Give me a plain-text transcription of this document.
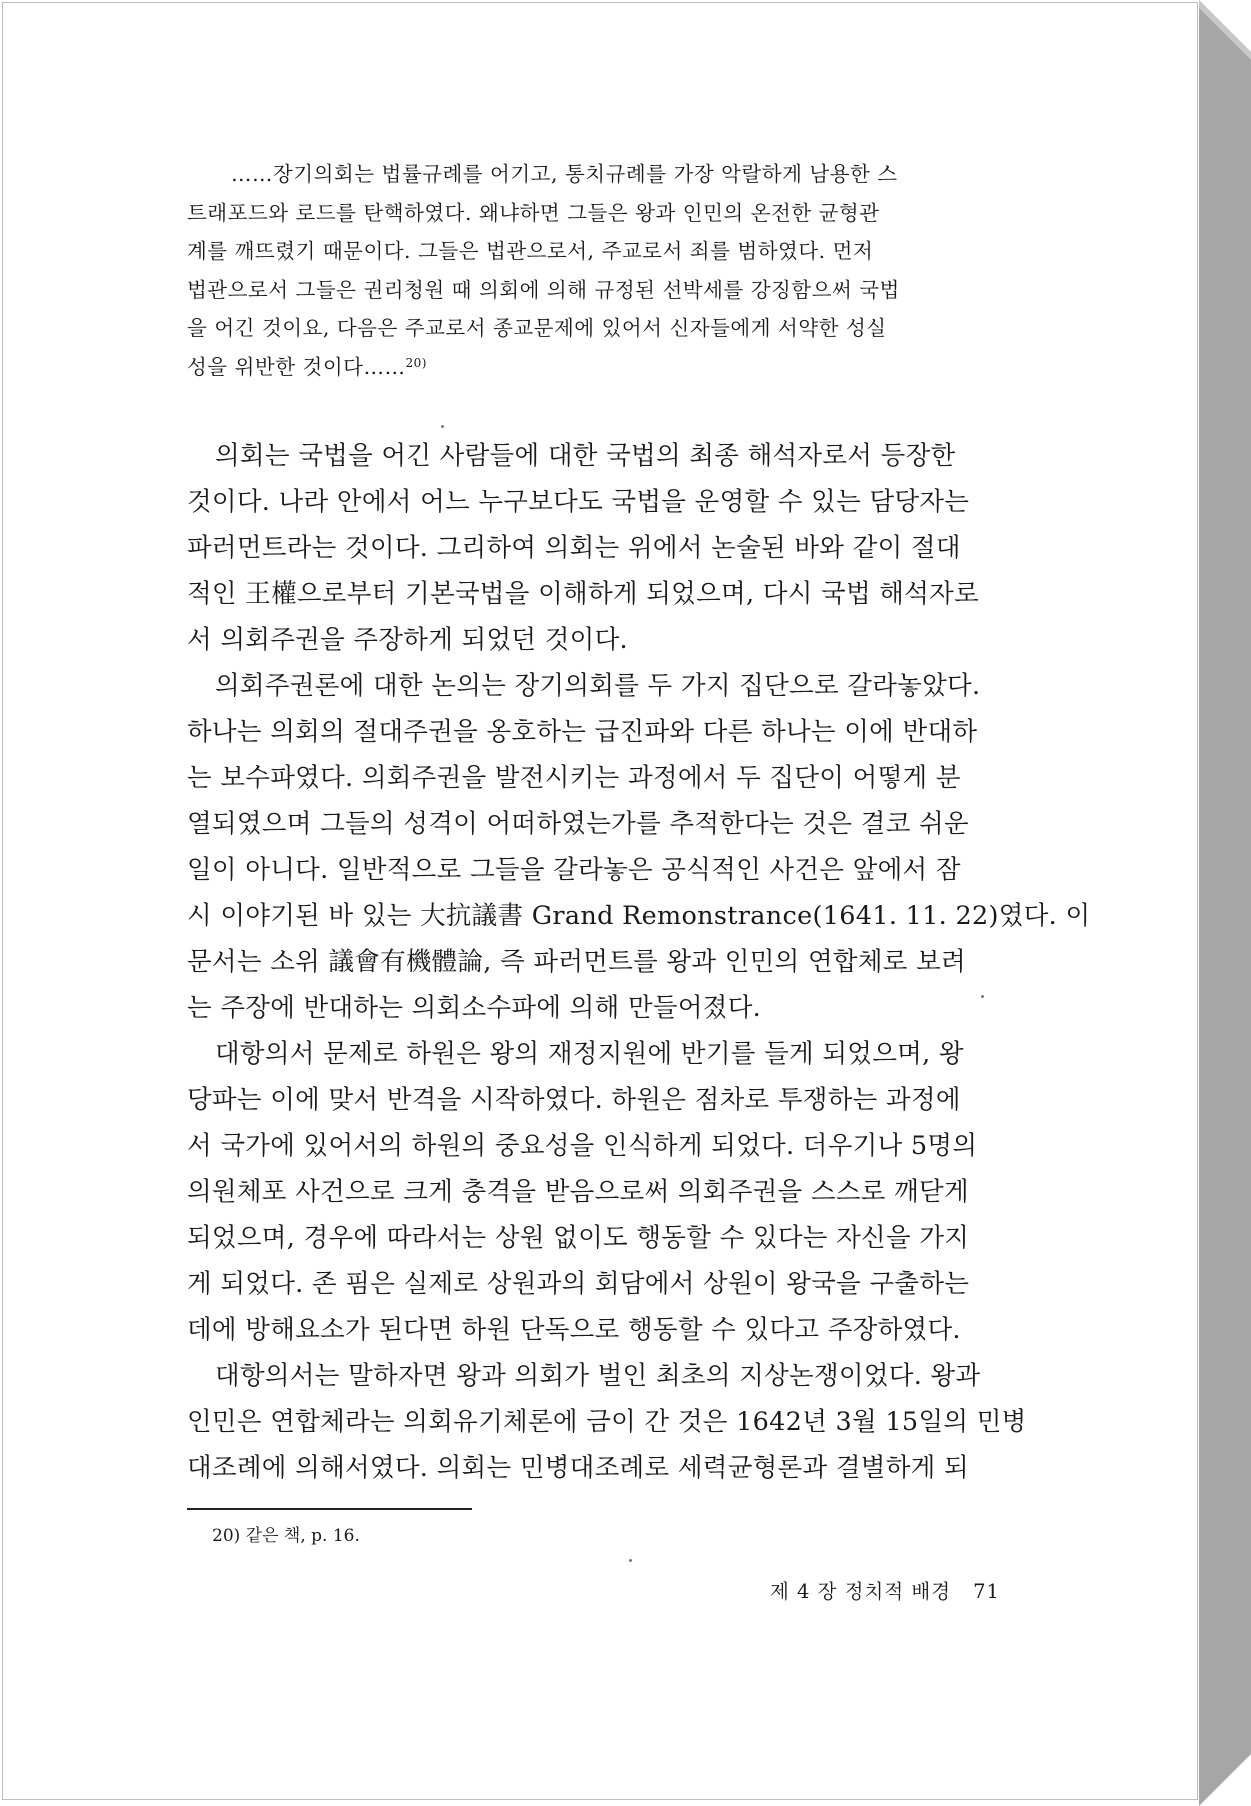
……장기의회는 법률규례를 어기고, 통치규례를 가장 악랄하게 남용한 스
트래포드와 로드를 탄핵하였다. 왜냐하면 그들은 왕과 인민의 온전한 균형관
계를 깨뜨렸기 때문이다. 그들은 법관으로서, 주교로서 죄를 범하였다. 먼저
법관으로서 그들은 권리청원 때 의회에 의해 규정된 선박세를 강징함으써 국법
을 어긴 것이요, 다음은 주교로서 종교문제에 있어서 신자들에게 서약한 성실
성을 위반한 것이다……$^{20)}$
의회는 국법을 어긴 사람들에 대한 국법의 최종 해석자로서 등장한
것이다. 나라 안에서 어느 누구보다도 국법을 운영할 수 있는 담당자는
파러먼트라는 것이다. 그리하여 의회는 위에서 논술된 바와 같이 절대
적인 王權으로부터 기본국법을 이해하게 되었으며, 다시 국법 해석자로
서 의회주권을 주장하게 되었던 것이다.
의회주권론에 대한 논의는 장기의회를 두 가지 집단으로 갈라놓았다.
하나는 의회의 절대주권을 옹호하는 급진파와 다른 하나는 이에 반대하
는 보수파였다. 의회주권을 발전시키는 과정에서 두 집단이 어떻게 분
열되였으며 그들의 성격이 어떠하였는가를 추적한다는 것은 결코 쉬운
일이 아니다. 일반적으로 그들을 갈라놓은 공식적인 사건은 앞에서 잠
시 이야기된 바 있는 大抗議書 Grand Remonstrance(1641. 11. 22)였다. 이
문서는 소위 議會有機體論, 즉 파러먼트를 왕과 인민의 연합체로 보려
는 주장에 반대하는 의회소수파에 의해 만들어졌다.
대항의서 문제로 하원은 왕의 재정지원에 반기를 들게 되었으며, 왕
당파는 이에 맞서 반격을 시작하였다. 하원은 점차로 투쟁하는 과정에
서 국가에 있어서의 하원의 중요성을 인식하게 되었다. 더우기나 5명의
의원체포 사건으로 크게 충격을 받음으로써 의회주권을 스스로 깨닫게
되었으며, 경우에 따라서는 상원 없이도 행동할 수 있다는 자신을 가지
게 되었다. 존 핌은 실제로 상원과의 회담에서 상원이 왕국을 구출하는
데에 방해요소가 된다면 하원 단독으로 행동할 수 있다고 주장하였다.
대항의서는 말하자면 왕과 의회가 벌인 최초의 지상논쟁이었다. 왕과
인민은 연합체라는 의회유기체론에 금이 간 것은 1642년 3월 15일의 민병
대조례에 의해서였다. 의회는 민병대조례로 세력균형론과 결별하게 되
20) 같은 책, p. 16.
제 4 장 정치적 배경 71
